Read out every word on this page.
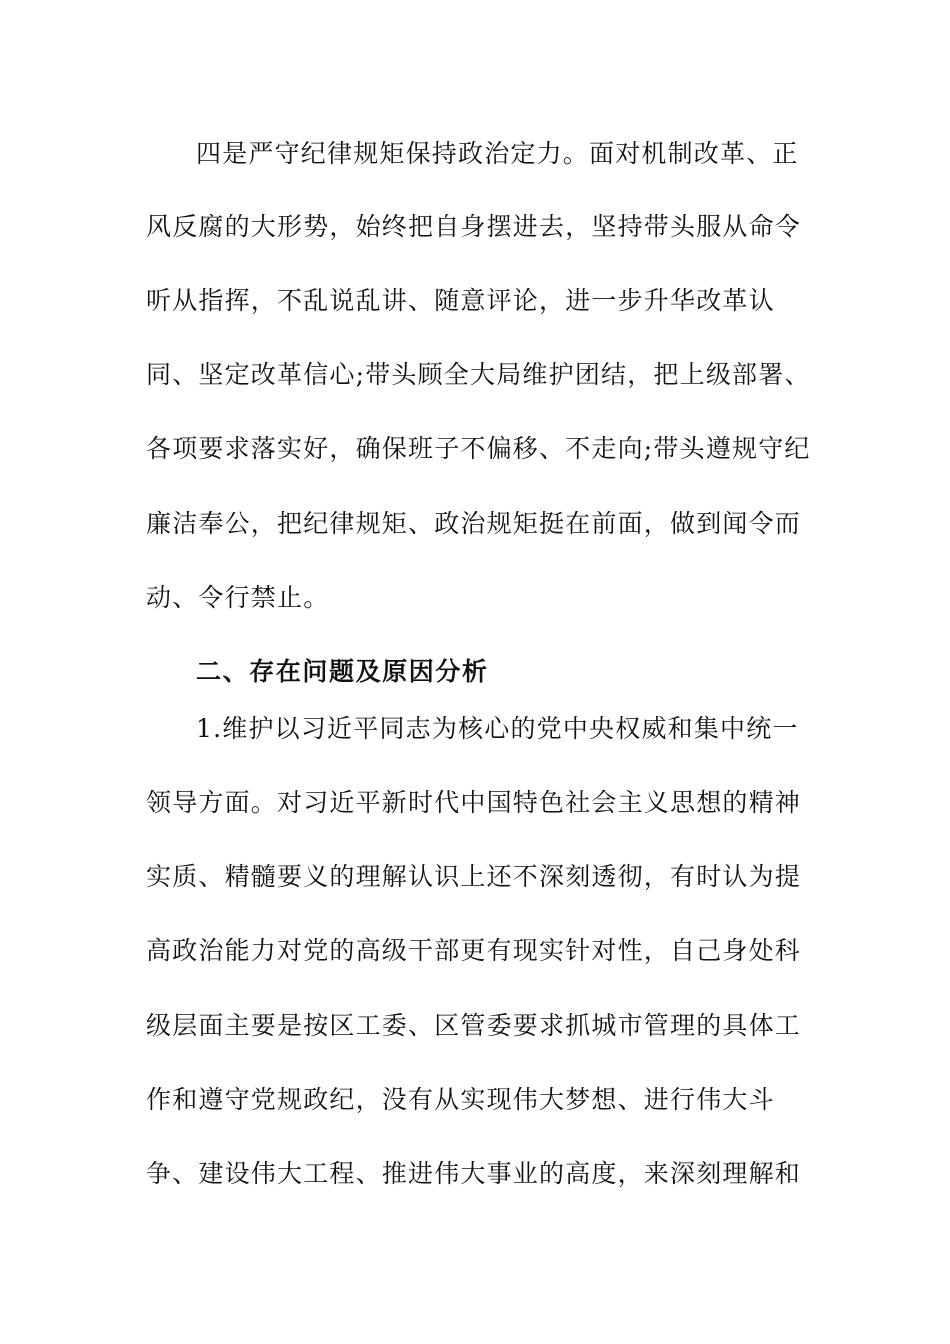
四是严守纪律规矩保持政治定力。面对机制改革、正
风反腐的大形势，始终把自身摆进去，坚持带头服从命令
听从指挥，不乱说乱讲、随意评论，进一步升华改革认
同、坚定改革信心;带头顾全大局维护团结，把上级部署、
各项要求落实好，确保班子不偏移、不走向;带头遵规守纪
廉洁奉公，把纪律规矩、政治规矩挺在前面，做到闻令而
动、令行禁止。
二、存在问题及原因分析
1.维护以习近平同志为核心的党中央权威和集中统一
领导方面。对习近平新时代中国特色社会主义思想的精神
实质、精髓要义的理解认识上还不深刻透彻，有时认为提
高政治能力对党的高级干部更有现实针对性，自己身处科
级层面主要是按区工委、区管委要求抓城市管理的具体工
作和遵守党规政纪，没有从实现伟大梦想、进行伟大斗
争、建设伟大工程、推进伟大事业的高度，来深刻理解和
